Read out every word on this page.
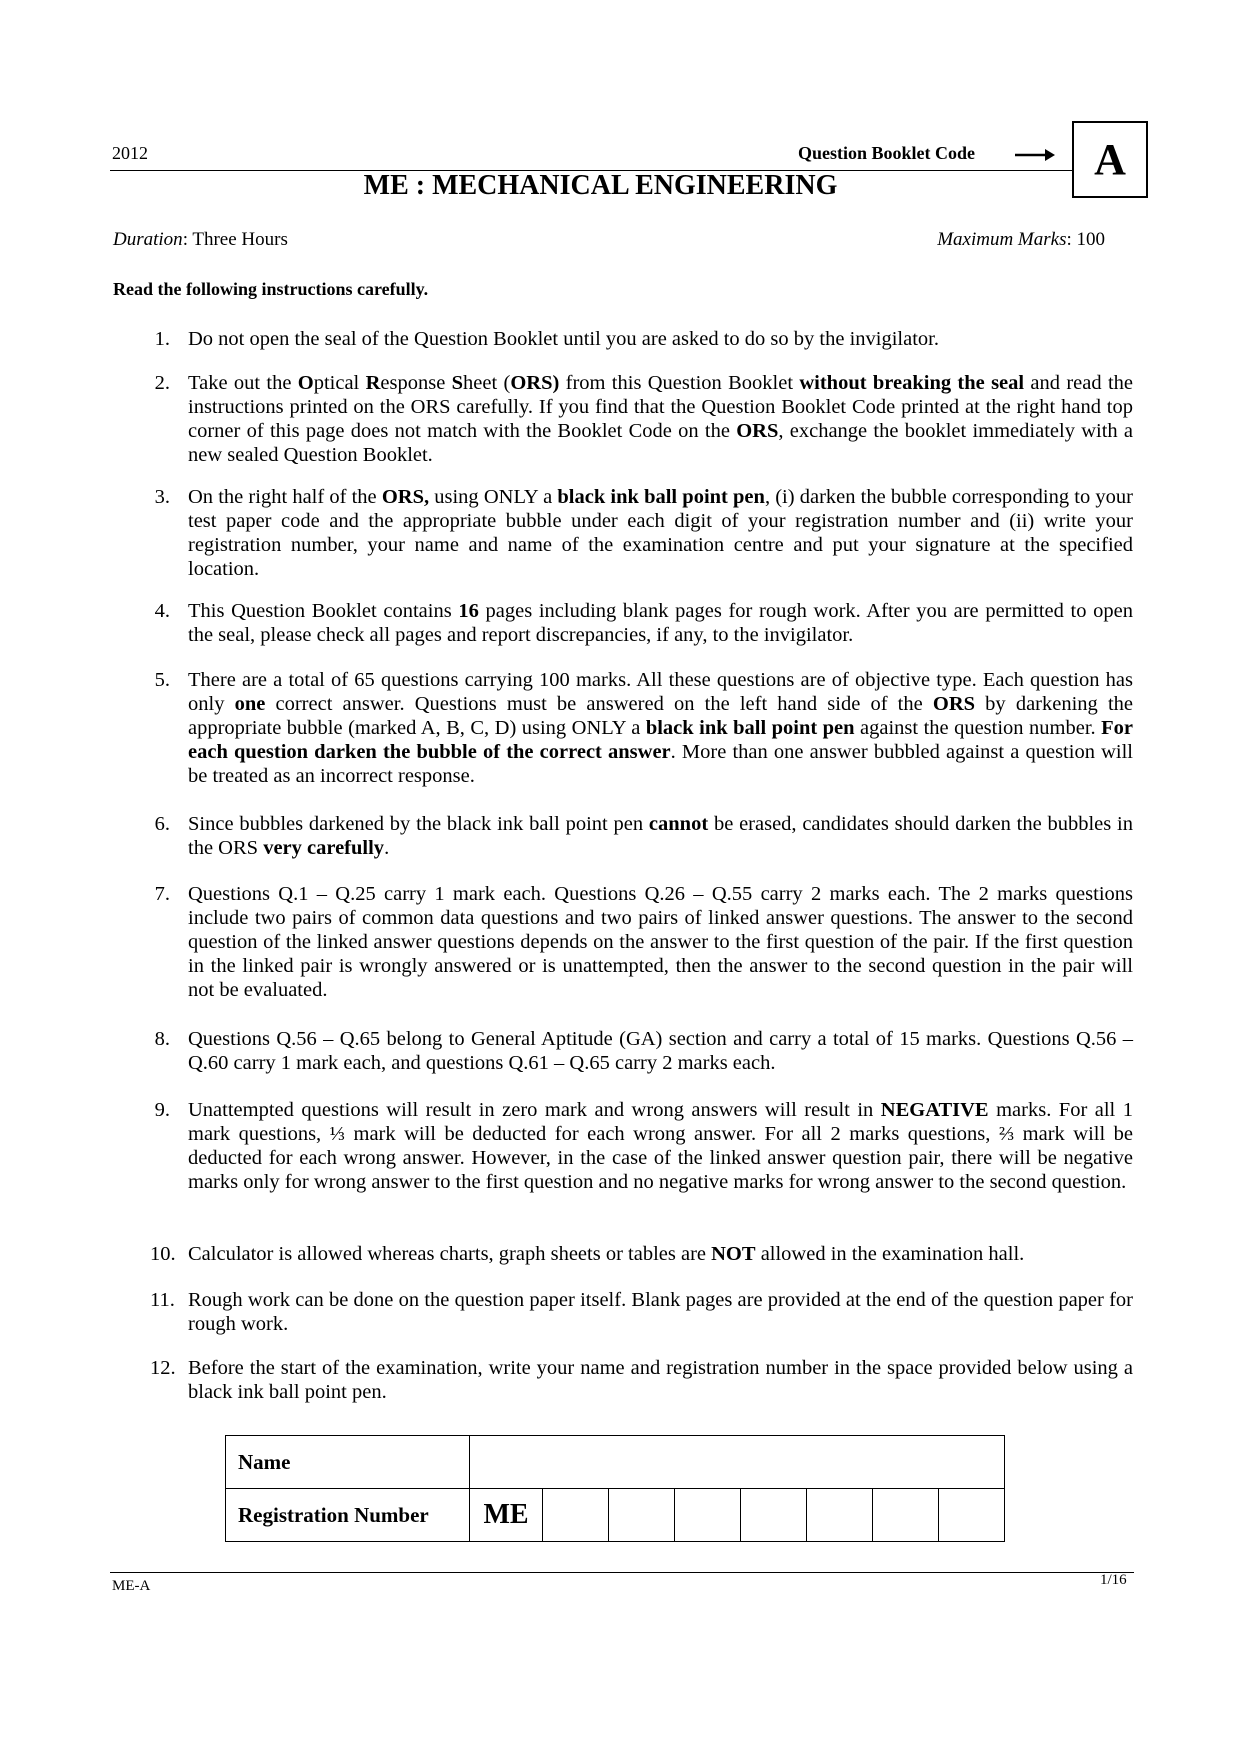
2012	Question Booklet Code	A
ME : MECHANICAL ENGINEERING
Duration: Three Hours	Maximum Marks: 100
Read the following instructions carefully.
1. Do not open the seal of the Question Booklet until you are asked to do so by the invigilator.
2. Take out the Optical Response Sheet (ORS) from this Question Booklet without breaking the seal and read the instructions printed on the ORS carefully. If you find that the Question Booklet Code printed at the right hand top corner of this page does not match with the Booklet Code on the ORS, exchange the booklet immediately with a new sealed Question Booklet.
3. On the right half of the ORS, using ONLY a black ink ball point pen, (i) darken the bubble corresponding to your test paper code and the appropriate bubble under each digit of your registration number and (ii) write your registration number, your name and name of the examination centre and put your signature at the specified location.
4. This Question Booklet contains 16 pages including blank pages for rough work. After you are permitted to open the seal, please check all pages and report discrepancies, if any, to the invigilator.
5. There are a total of 65 questions carrying 100 marks. All these questions are of objective type. Each question has only one correct answer. Questions must be answered on the left hand side of the ORS by darkening the appropriate bubble (marked A, B, C, D) using ONLY a black ink ball point pen against the question number. For each question darken the bubble of the correct answer. More than one answer bubbled against a question will be treated as an incorrect response.
6. Since bubbles darkened by the black ink ball point pen cannot be erased, candidates should darken the bubbles in the ORS very carefully.
7. Questions Q.1 – Q.25 carry 1 mark each. Questions Q.26 – Q.55 carry 2 marks each. The 2 marks questions include two pairs of common data questions and two pairs of linked answer questions. The answer to the second question of the linked answer questions depends on the answer to the first question of the pair. If the first question in the linked pair is wrongly answered or is unattempted, then the answer to the second question in the pair will not be evaluated.
8. Questions Q.56 – Q.65 belong to General Aptitude (GA) section and carry a total of 15 marks. Questions Q.56 – Q.60 carry 1 mark each, and questions Q.61 – Q.65 carry 2 marks each.
9. Unattempted questions will result in zero mark and wrong answers will result in NEGATIVE marks. For all 1 mark questions, ⅓ mark will be deducted for each wrong answer. For all 2 marks questions, ⅔ mark will be deducted for each wrong answer. However, in the case of the linked answer question pair, there will be negative marks only for wrong answer to the first question and no negative marks for wrong answer to the second question.
10. Calculator is allowed whereas charts, graph sheets or tables are NOT allowed in the examination hall.
11. Rough work can be done on the question paper itself. Blank pages are provided at the end of the question paper for rough work.
12. Before the start of the examination, write your name and registration number in the space provided below using a black ink ball point pen.
Name								
Registration Number	ME							
ME-A	1/16
